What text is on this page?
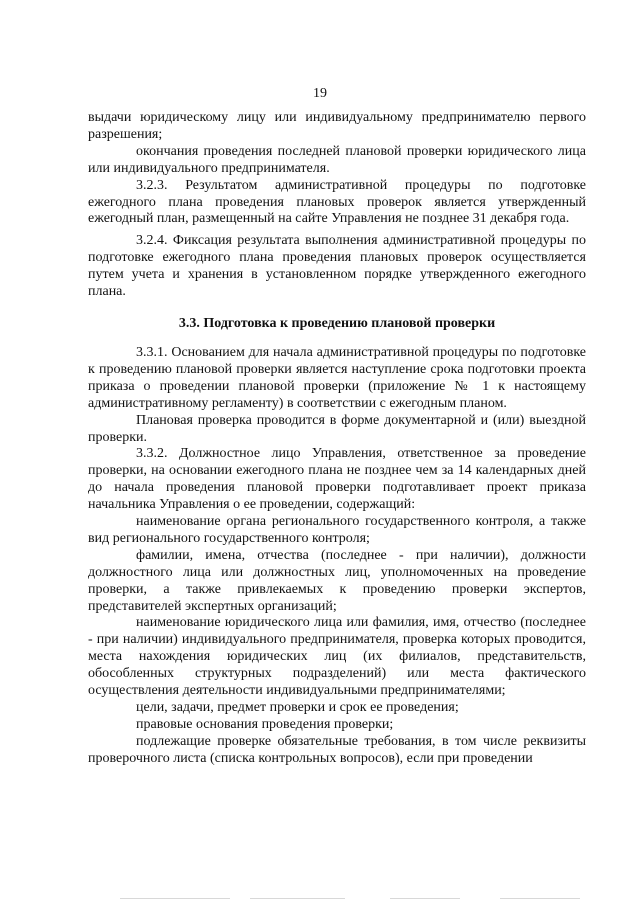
19

выдачи юридическому лицу или индивидуальному предпринимателю первого разрешения;

окончания проведения последней плановой проверки юридического лица или индивидуального предпринимателя.

3.2.3. Результатом административной процедуры по подготовке ежегодного плана проведения плановых проверок является утвержденный ежегодный план, размещенный на сайте Управления не позднее 31 декабря года.

3.2.4. Фиксация результата выполнения административной процедуры по подготовке ежегодного плана проведения плановых проверок осуществляется путем учета и хранения в установленном порядке утвержденного ежегодного плана.

3.3. Подготовка к проведению плановой проверки

3.3.1. Основанием для начала административной процедуры по подготовке к проведению плановой проверки является наступление срока подготовки проекта приказа о проведении плановой проверки (приложение № 1 к настоящему административному регламенту) в соответствии с ежегодным планом.

Плановая проверка проводится в форме документарной и (или) выездной проверки.

3.3.2. Должностное лицо Управления, ответственное за проведение проверки, на основании ежегодного плана не позднее чем за 14 календарных дней до начала проведения плановой проверки подготавливает проект приказа начальника Управления о ее проведении, содержащий:

наименование органа регионального государственного контроля, а также вид регионального государственного контроля;

фамилии, имена, отчества (последнее - при наличии), должности должностного лица или должностных лиц, уполномоченных на проведение проверки, а также привлекаемых к проведению проверки экспертов, представителей экспертных организаций;

наименование юридического лица или фамилия, имя, отчество (последнее - при наличии) индивидуального предпринимателя, проверка которых проводится, места нахождения юридических лиц (их филиалов, представительств, обособленных структурных подразделений) или места фактического осуществления деятельности индивидуальными предпринимателями;

цели, задачи, предмет проверки и срок ее проведения;

правовые основания проведения проверки;

подлежащие проверке обязательные требования, в том числе реквизиты проверочного листа (списка контрольных вопросов), если при проведении
